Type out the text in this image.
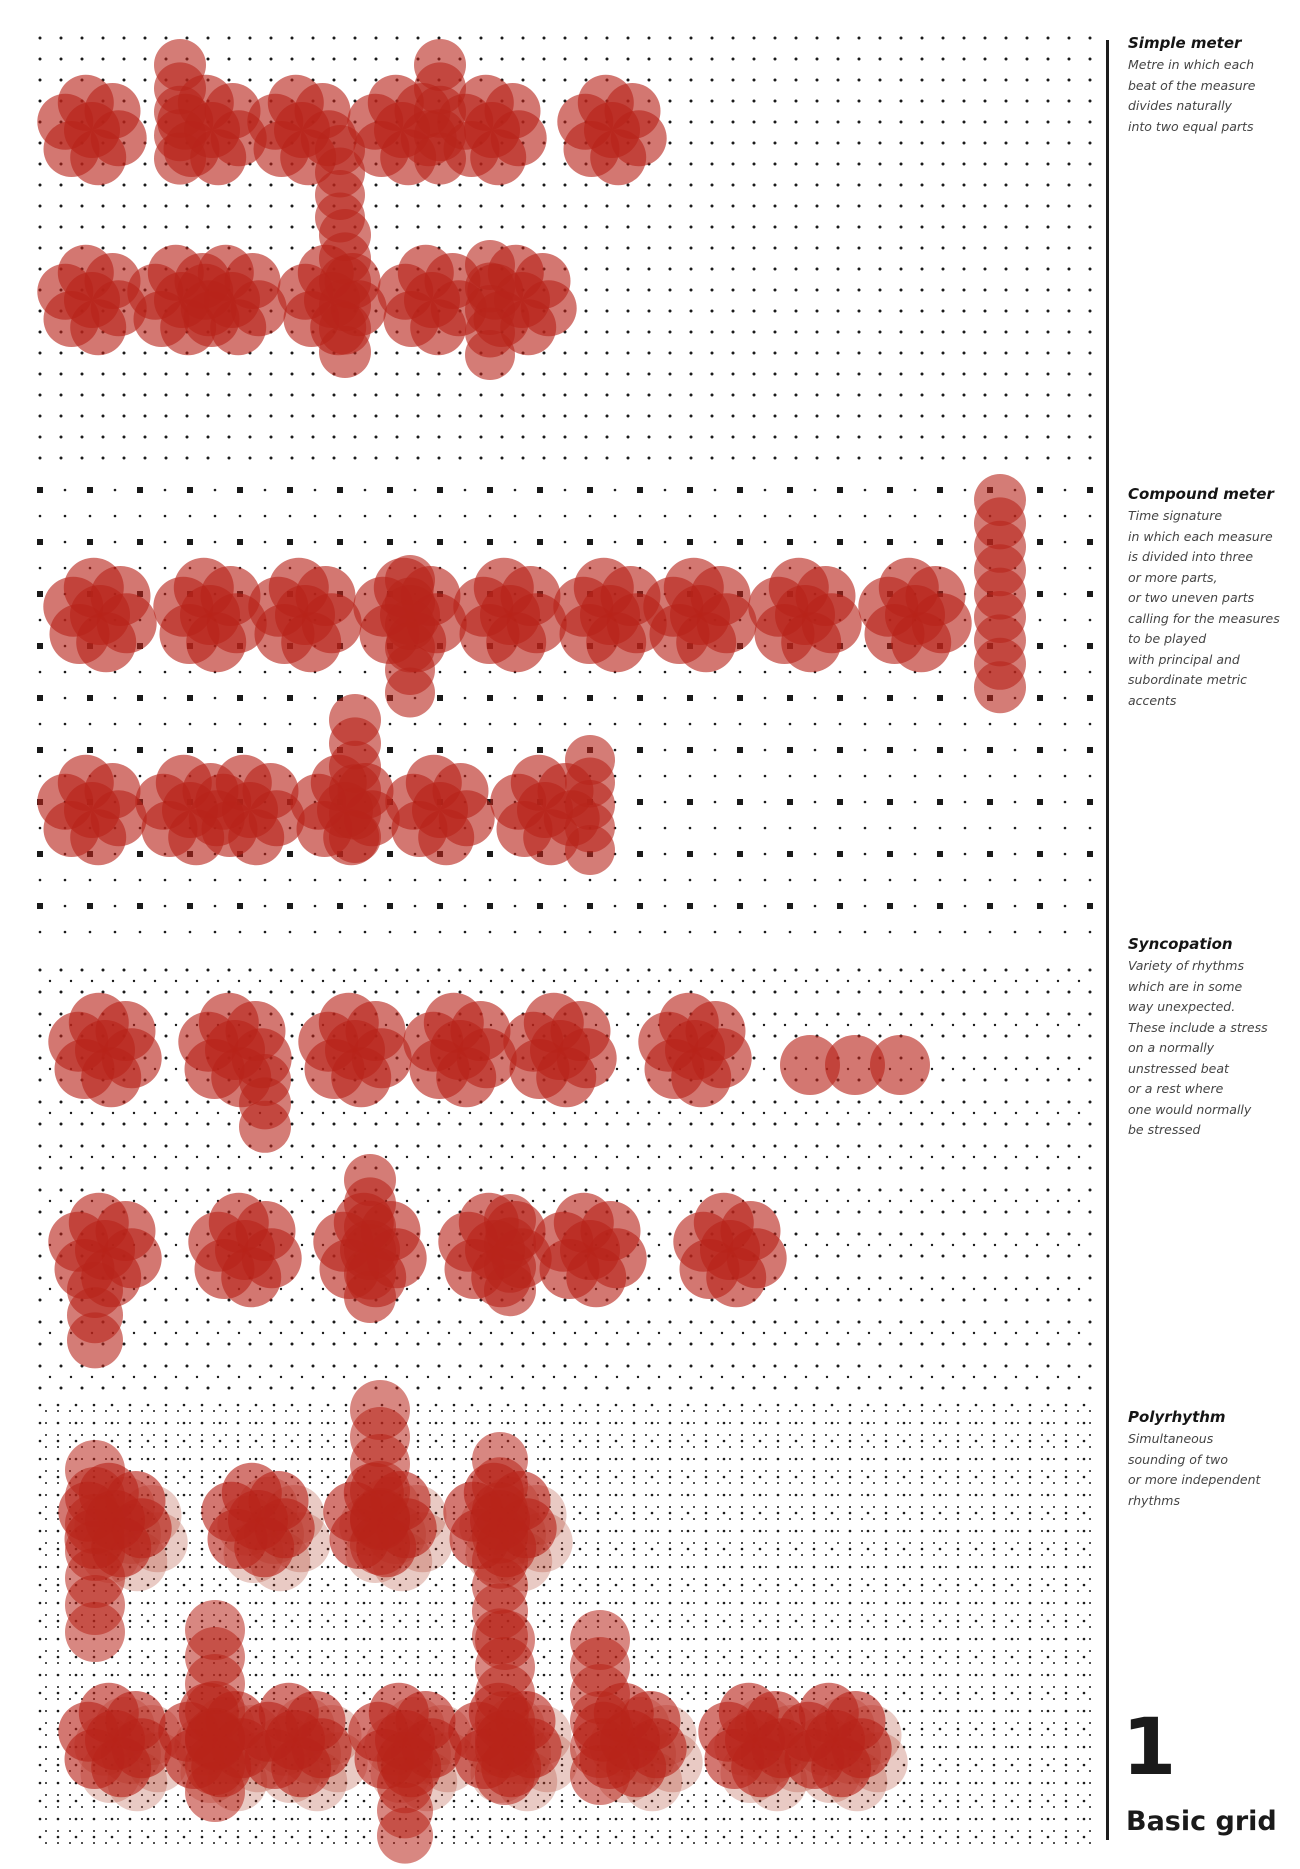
Simple meter

Metre in which each
beat of the measure
divides naturally
into two equal parts

Compound meter

Time signature
in which each measure
is divided into three
or more parts,
or two uneven parts
calling for the measures
to be played
with principal and
subordinate metric
accents

Syncopation

Variety of rhythms
which are in some
way unexpected.
These include a stress
on a normally
unstressed beat
or a rest where
one would normally
be stressed

Polyrhythm

Simultaneous
sounding of two
or more independent
rhythms

1
Basic grid
